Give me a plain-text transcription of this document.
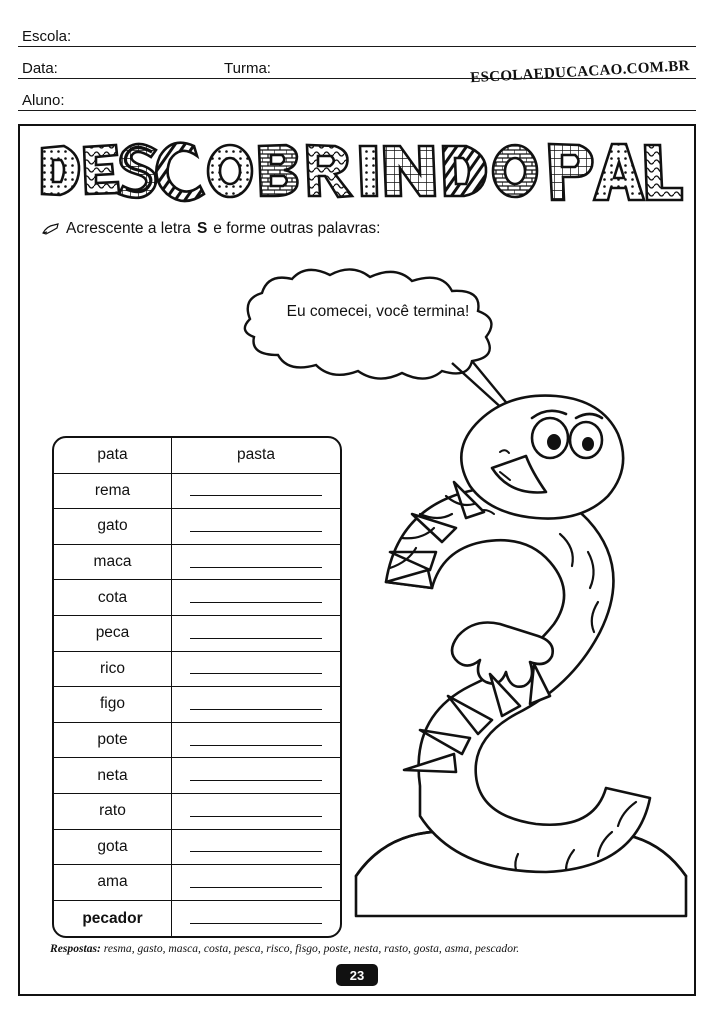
Escola:
Data:	Turma:
Aluno:
ESCOLAEDUCACAO.COM.BR
Acrescente a letra S e forme outras palavras:
Eu comecei, você termina!
pata	pasta
rema
gato
maca
cota
peca
rico
figo
pote
neta
rato
gota
ama
pecador
Respostas: resma, gasto, masca, costa, pesca, risco, fisgo, poste, nesta, rasto, gosta, asma, pescador.
23
